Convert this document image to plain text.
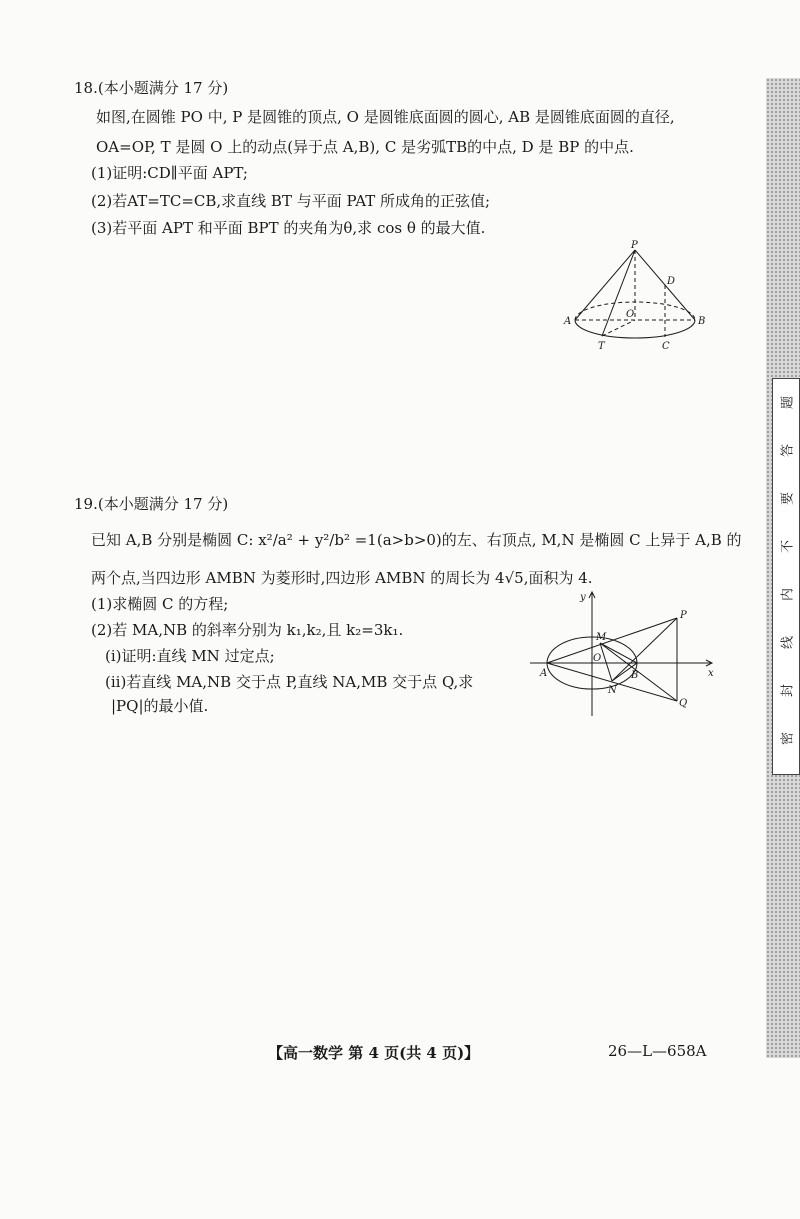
18.(本小题满分 17 分)
如图,在圆锥 PO 中, P 是圆锥的顶点, O 是圆锥底面圆的圆心, AB 是圆锥底面圆的直径,
OA=OP, T 是圆 O 上的动点(异于点 A,B), C 是劣弧TB的中点, D 是 BP 的中点.
(1)证明:CD∥平面 APT;
(2)若AT=TC=CB,求直线 BT 与平面 PAT 所成角的正弦值;
(3)若平面 APT 和平面 BPT 的夹角为θ,求 cos θ 的最大值.
P
D
O
A	B
T	C
19.(本小题满分 17 分)
已知 A,B 分别是椭圆 C: x²/a² + y²/b² =1(a>b>0)的左、右顶点, M,N 是椭圆 C 上异于 A,B 的
两个点,当四边形 AMBN 为菱形时,四边形 AMBN 的周长为 4√5,面积为 4.
(1)求椭圆 C 的方程;
(2)若 MA,NB 的斜率分别为 k₁,k₂,且 k₂=3k₁.
(ⅰ)证明:直线 MN 过定点;
(ⅱ)若直线 MA,NB 交于点 P,直线 NA,MB 交于点 Q,求
|PQ|的最小值.
y
x
P
M
O
A	B
N
Q
【高一数学 第 4 页(共 4 页)】	26—L—658A
题
答
要
不
内
线
封
密
